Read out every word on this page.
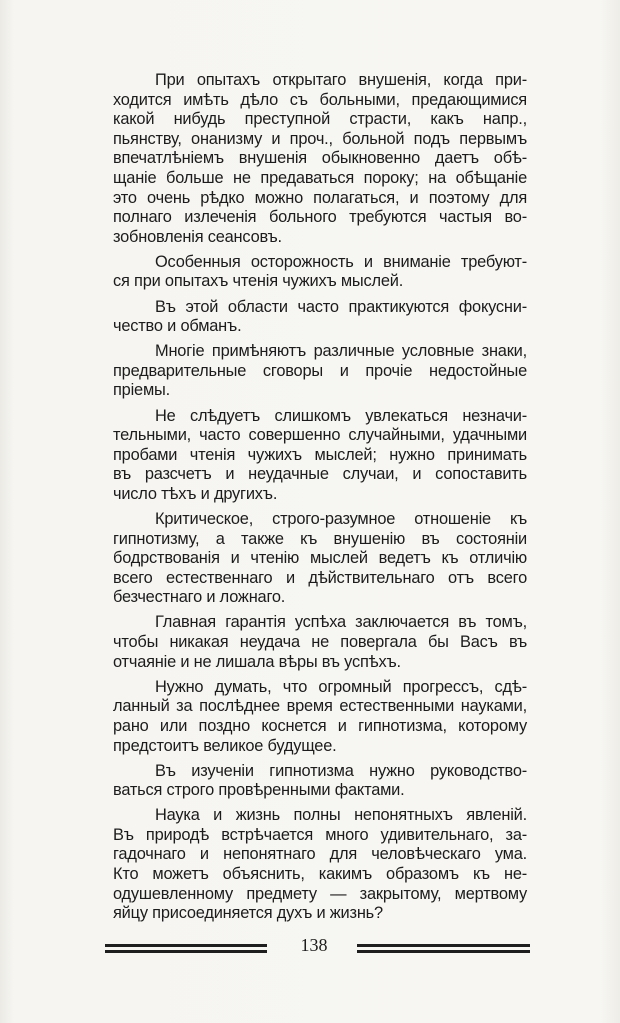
При опытахъ открытаго внушенія, когда при-
ходится имѣть дѣло съ больными, предающимися
какой нибудь преступной страсти, какъ напр.,
пьянству, онанизму и проч., больной подъ первымъ
впечатлѣніемъ внушенія обыкновенно даетъ обѣ-
щаніе больше не предаваться пороку; на обѣщаніе
это очень рѣдко можно полагаться, и поэтому для
полнаго излеченія больного требуются частыя во-
зобновленія сеансовъ.

Особенныя осторожность и вниманіе требуют-
ся при опытахъ чтенія чужихъ мыслей.

Въ этой области часто практикуются фокусни-
чество и обманъ.

Многіе примѣняютъ различные условные знаки,
предварительные сговоры и прочіе недостойные
пріемы.

Не слѣдуетъ слишкомъ увлекаться незначи-
тельными, часто совершенно случайными, удачными
пробами чтенія чужихъ мыслей; нужно принимать
въ разсчетъ и неудачные случаи, и сопоставить
число тѣхъ и другихъ.

Критическое, строго-разумное отношеніе къ
гипнотизму, а также къ внушенію въ состояніи
бодрствованія и чтенію мыслей ведетъ къ отличію
всего естественнаго и дѣйствительнаго отъ всего
безчестнаго и ложнаго.

Главная гарантія успѣха заключается въ томъ,
чтобы никакая неудача не повергала бы Васъ въ
отчаяніе и не лишала вѣры въ успѣхъ.

Нужно думать, что огромный прогрессъ, сдѣ-
ланный за послѣднее время естественными науками,
рано или поздно коснется и гипнотизма, которому
предстоитъ великое будущее.

Въ изученіи гипнотизма нужно руководство-
ваться строго провѣренными фактами.

Наука и жизнь полны непонятныхъ явленій.
Въ природѣ встрѣчается много удивительнаго, за-
гадочнаго и непонятнаго для человѣческаго ума.
Кто можетъ объяснить, какимъ образомъ къ не-
одушевленному предмету — закрытому, мертвому
яйцу присоединяется духъ и жизнь?

138
